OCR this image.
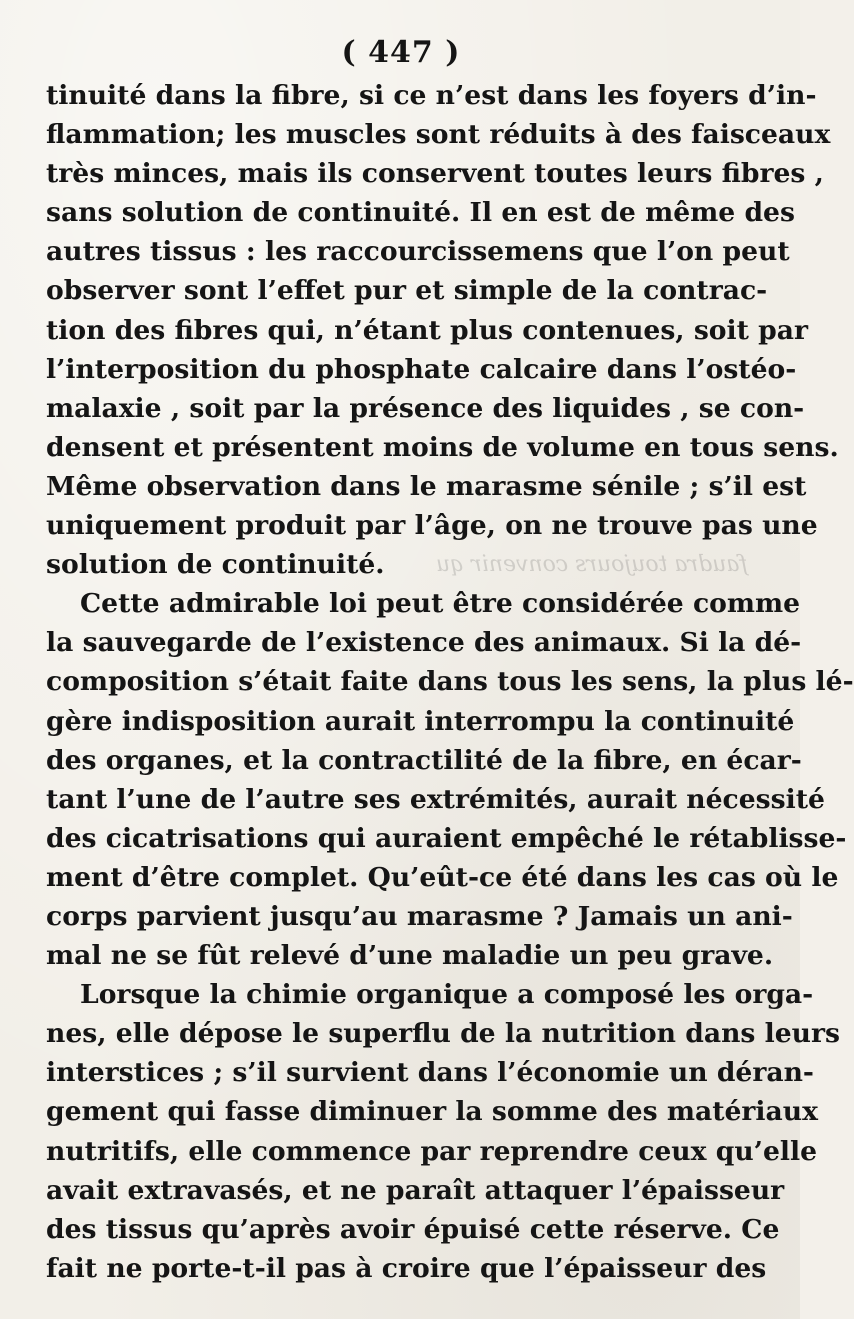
( 447 )
tinuité dans la fibre, si ce n’est dans les foyers d’in-
flammation; les muscles sont réduits à des faisceaux
très minces, mais ils conservent toutes leurs fibres ,
sans solution de continuité. Il en est de même des
autres tissus : les raccourcissemens que l’on peut
observer sont l’effet pur et simple de la contrac-
tion des fibres qui, n’étant plus contenues, soit par
l’interposition du phosphate calcaire dans l’ostéo-
malaxie , soit par la présence des liquides , se con-
densent et présentent moins de volume en tous sens.
Même observation dans le marasme sénile ; s’il est
uniquement produit par l’âge, on ne trouve pas une
solution de continuité.
Cette admirable loi peut être considérée comme
la sauvegarde de l’existence des animaux. Si la dé-
composition s’était faite dans tous les sens, la plus lé-
gère indisposition aurait interrompu la continuité
des organes, et la contractilité de la fibre, en écar-
tant l’une de l’autre ses extrémités, aurait nécessité
des cicatrisations qui auraient empêché le rétablisse-
ment d’être complet. Qu’eût-ce été dans les cas où le
corps parvient jusqu’au marasme ? Jamais un ani-
mal ne se fût relevé d’une maladie un peu grave.
Lorsque la chimie organique a composé les orga-
nes, elle dépose le superflu de la nutrition dans leurs
interstices ; s’il survient dans l’économie un déran-
gement qui fasse diminuer la somme des matériaux
nutritifs, elle commence par reprendre ceux qu’elle
avait extravasés, et ne paraît attaquer l’épaisseur
des tissus qu’après avoir épuisé cette réserve. Ce
fait ne porte-t-il pas à croire que l’épaisseur des
faudra toujours convenir qu
